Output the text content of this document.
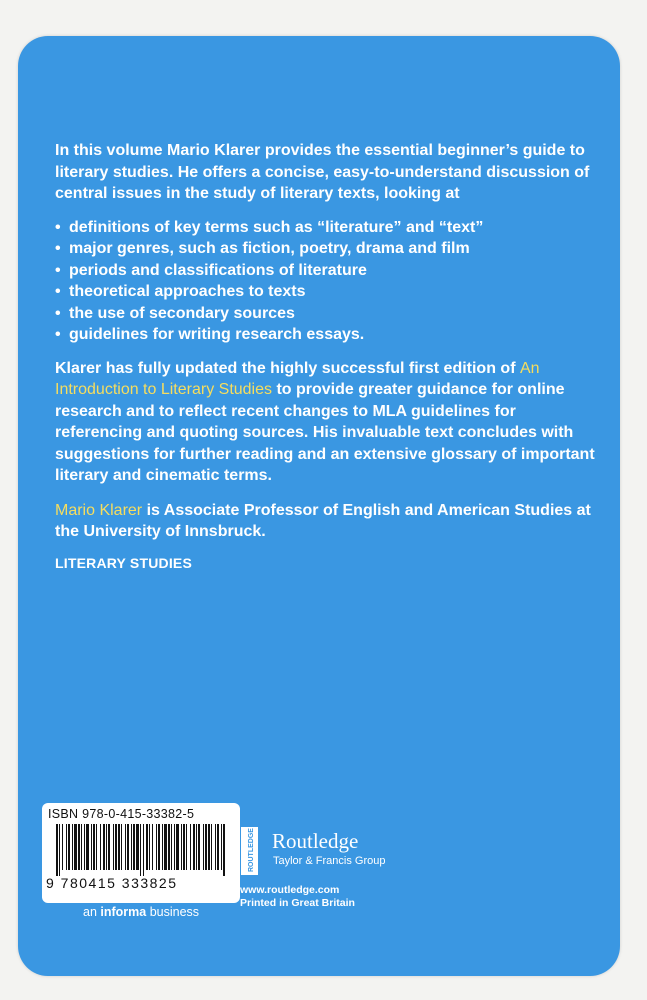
In this volume Mario Klarer provides the essential beginner’s guide to literary studies. He offers a concise, easy-to-understand discussion of central issues in the study of literary texts, looking at

• definitions of key terms such as “literature” and “text”
• major genres, such as fiction, poetry, drama and film
• periods and classifications of literature
• theoretical approaches to texts
• the use of secondary sources
• guidelines for writing research essays.

Klarer has fully updated the highly successful first edition of An Introduction to Literary Studies to provide greater guidance for online research and to reflect recent changes to MLA guidelines for referencing and quoting sources. His invaluable text concludes with suggestions for further reading and an extensive glossary of important literary and cinematic terms.

Mario Klarer is Associate Professor of English and American Studies at the University of Innsbruck.

LITERARY STUDIES

ISBN 978-0-415-33382-5
9 780415 333825
an informa business
ROUTLEDGE Routledge
Taylor & Francis Group
www.routledge.com
Printed in Great Britain
